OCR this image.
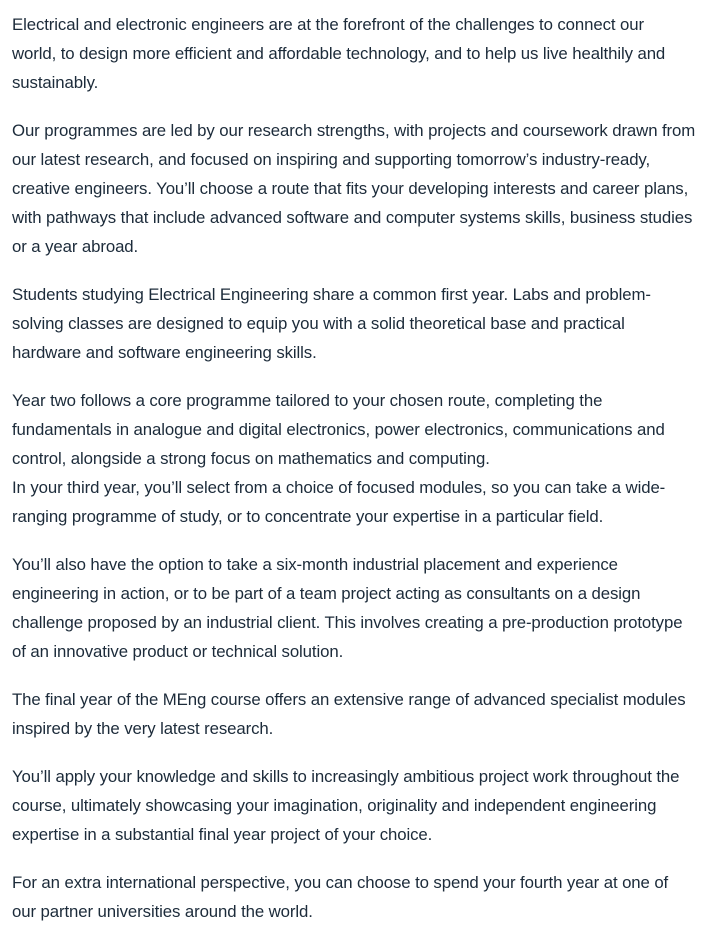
Electrical and electronic engineers are at the forefront of the challenges to connect our
world, to design more efficient and affordable technology, and to help us live healthily and
sustainably.

Our programmes are led by our research strengths, with projects and coursework drawn from
our latest research, and focused on inspiring and supporting tomorrow’s industry-ready,
creative engineers. You’ll choose a route that fits your developing interests and career plans,
with pathways that include advanced software and computer systems skills, business studies
or a year abroad.

Students studying Electrical Engineering share a common first year. Labs and problem-
solving classes are designed to equip you with a solid theoretical base and practical
hardware and software engineering skills.

Year two follows a core programme tailored to your chosen route, completing the
fundamentals in analogue and digital electronics, power electronics, communications and
control, alongside a strong focus on mathematics and computing.
In your third year, you’ll select from a choice of focused modules, so you can take a wide-
ranging programme of study, or to concentrate your expertise in a particular field.

You’ll also have the option to take a six-month industrial placement and experience
engineering in action, or to be part of a team project acting as consultants on a design
challenge proposed by an industrial client. This involves creating a pre-production prototype
of an innovative product or technical solution.

The final year of the MEng course offers an extensive range of advanced specialist modules
inspired by the very latest research.

You’ll apply your knowledge and skills to increasingly ambitious project work throughout the
course, ultimately showcasing your imagination, originality and independent engineering
expertise in a substantial final year project of your choice.

For an extra international perspective, you can choose to spend your fourth year at one of
our partner universities around the world.
